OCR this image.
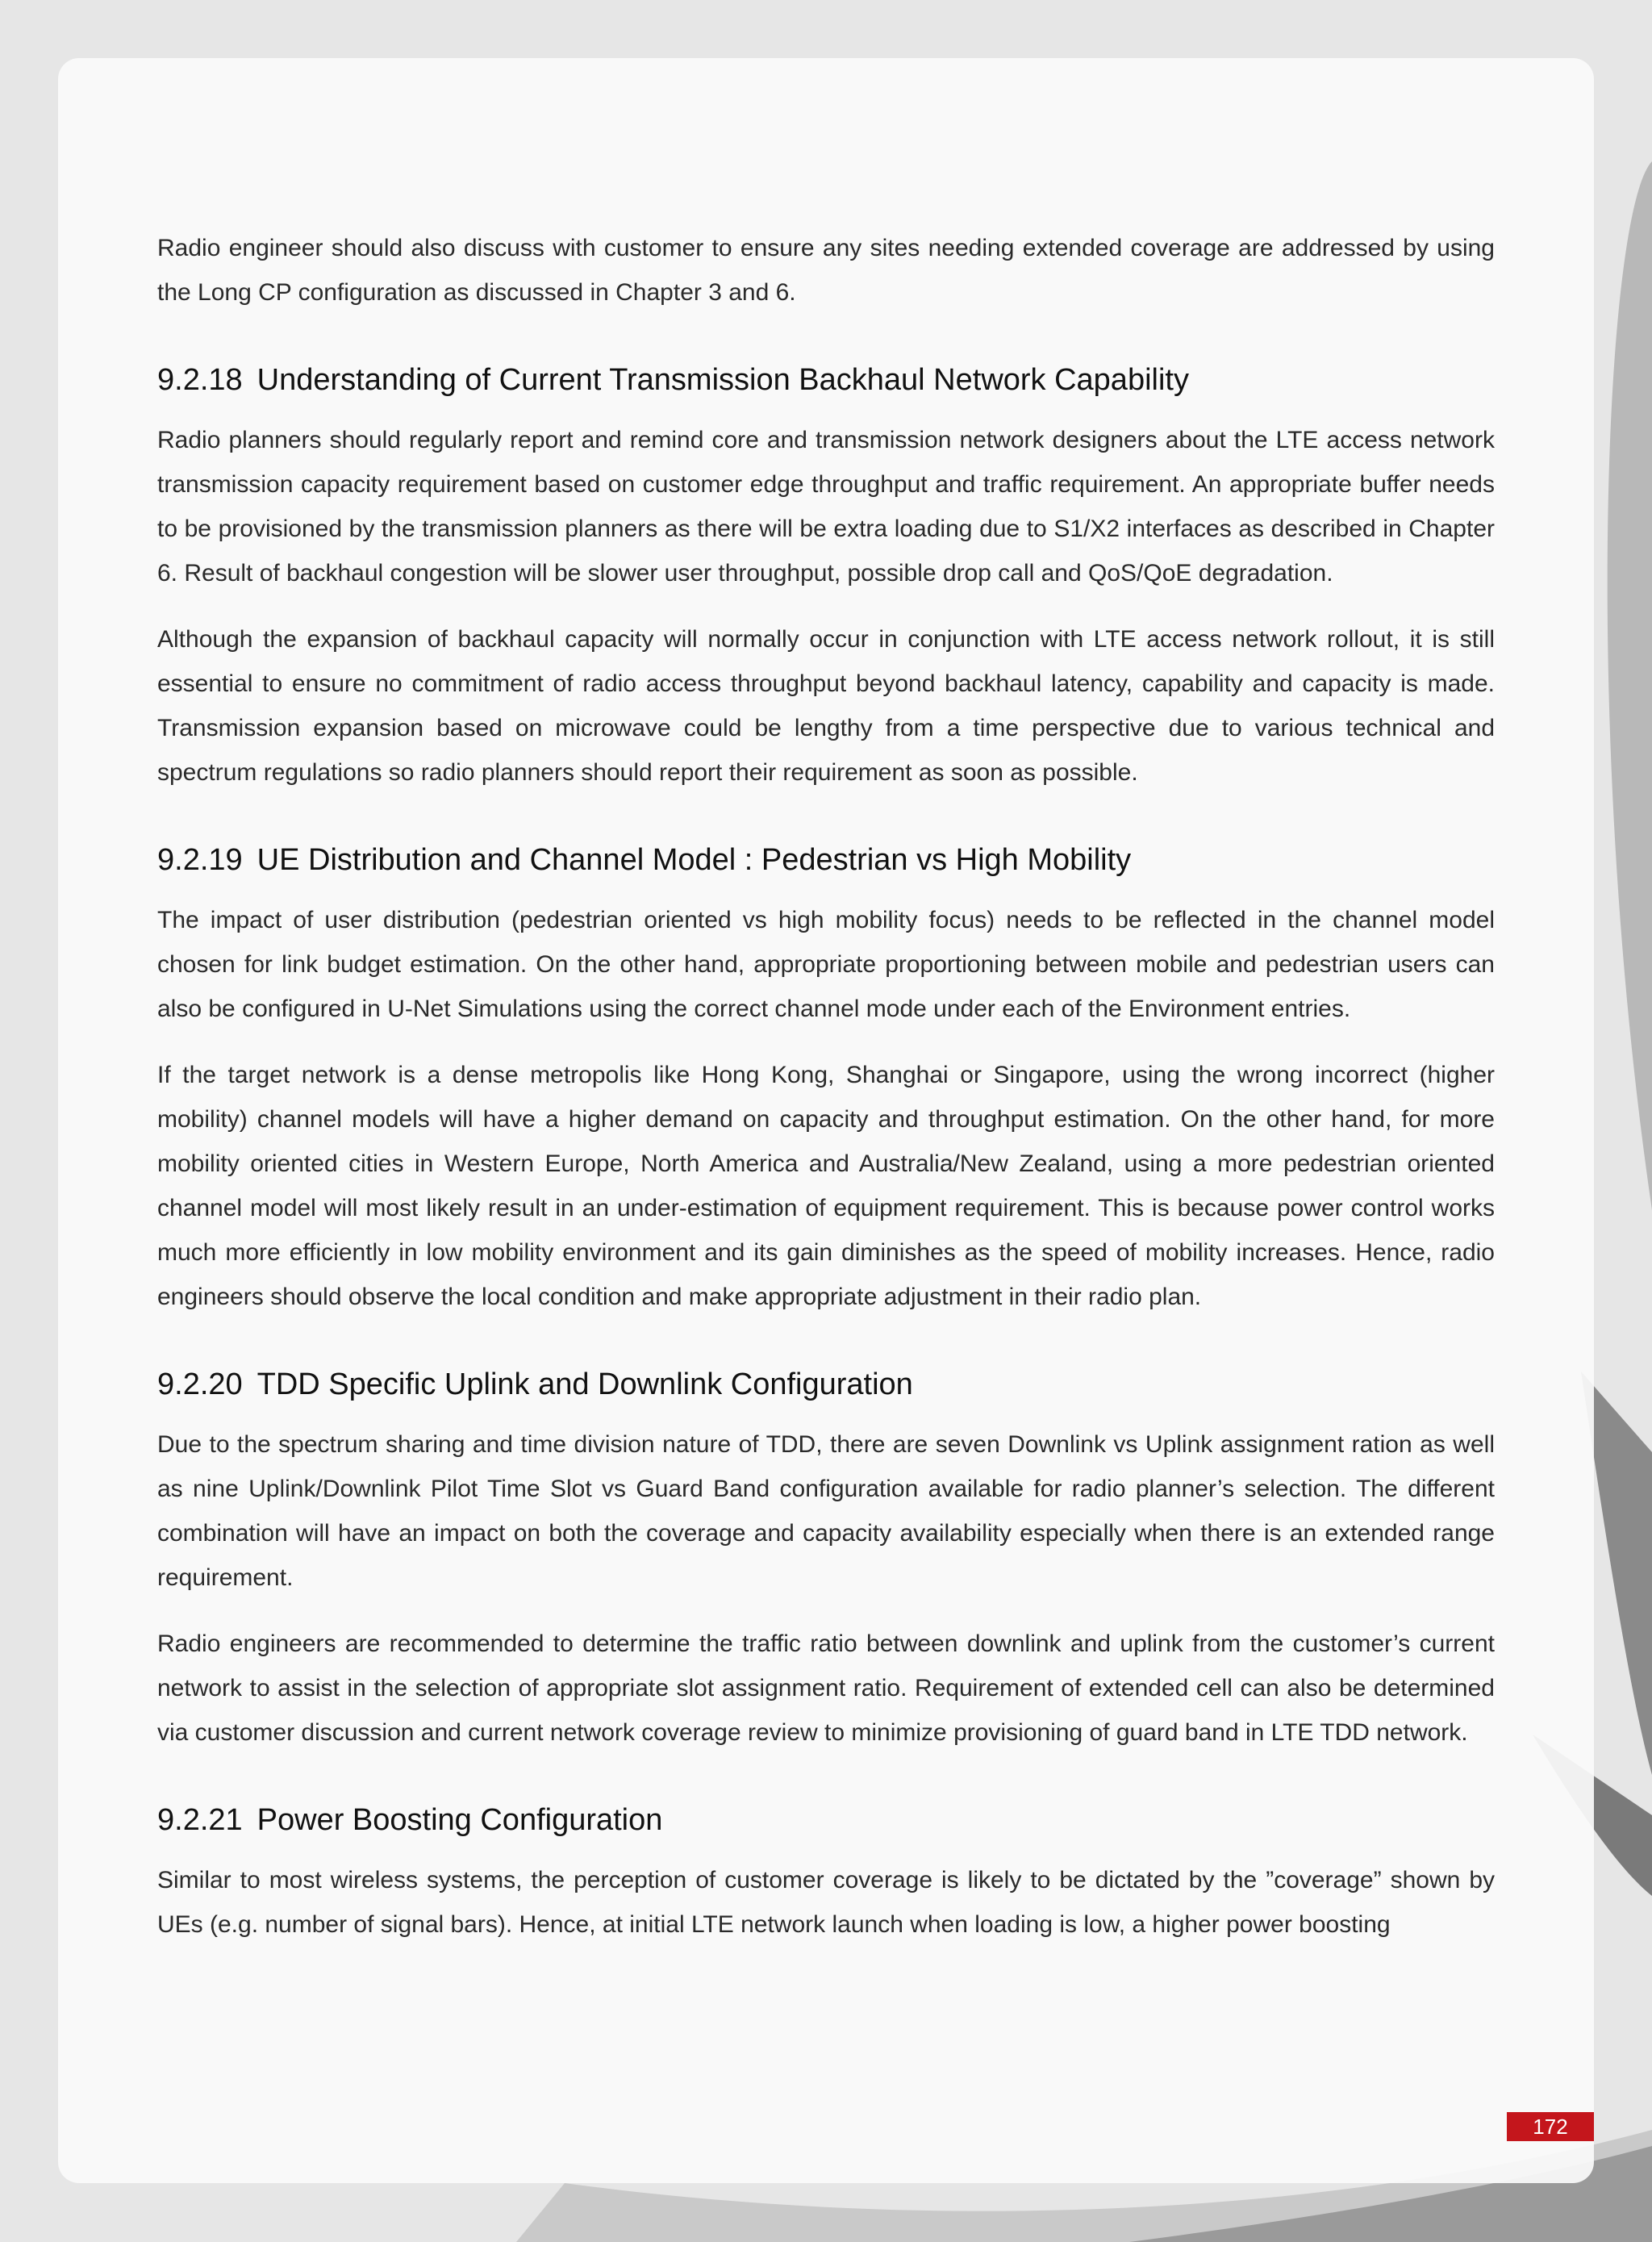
Radio engineer should also discuss with customer to ensure any sites needing extended coverage are addressed by using the Long CP configuration as discussed in Chapter 3 and 6.

9.2.18 Understanding of Current Transmission Backhaul Network Capability

Radio planners should regularly report and remind core and transmission network designers about the LTE access network transmission capacity requirement based on customer edge throughput and traffic requirement. An appropriate buffer needs to be provisioned by the transmission planners as there will be extra loading due to S1/X2 interfaces as described in Chapter 6. Result of backhaul congestion will be slower user throughput, possible drop call and QoS/QoE degradation.

Although the expansion of backhaul capacity will normally occur in conjunction with LTE access network rollout, it is still essential to ensure no commitment of radio access throughput beyond backhaul latency, capability and capacity is made. Transmission expansion based on microwave could be lengthy from a time perspective due to various technical and spectrum regulations so radio planners should report their requirement as soon as possible.

9.2.19 UE Distribution and Channel Model : Pedestrian vs High Mobility

The impact of user distribution (pedestrian oriented vs high mobility focus) needs to be reflected in the channel model chosen for link budget estimation. On the other hand, appropriate proportioning between mobile and pedestrian users can also be configured in U-Net Simulations using the correct channel mode under each of the Environment entries.

If the target network is a dense metropolis like Hong Kong, Shanghai or Singapore, using the wrong incorrect (higher mobility) channel models will have a higher demand on capacity and throughput estimation. On the other hand, for more mobility oriented cities in Western Europe, North America and Australia/New Zealand, using a more pedestrian oriented channel model will most likely result in an under-estimation of equipment requirement. This is because power control works much more efficiently in low mobility environment and its gain diminishes as the speed of mobility increases. Hence, radio engineers should observe the local condition and make appropriate adjustment in their radio plan.

9.2.20 TDD Specific Uplink and Downlink Configuration

Due to the spectrum sharing and time division nature of TDD, there are seven Downlink vs Uplink assignment ration as well as nine Uplink/Downlink Pilot Time Slot vs Guard Band configuration available for radio planner’s selection. The different combination will have an impact on both the coverage and capacity availability especially when there is an extended range requirement.

Radio engineers are recommended to determine the traffic ratio between downlink and uplink from the customer’s current network to assist in the selection of appropriate slot assignment ratio. Requirement of extended cell can also be determined via customer discussion and current network coverage review to minimize provisioning of guard band in LTE TDD network.

9.2.21 Power Boosting Configuration

Similar to most wireless systems, the perception of customer coverage is likely to be dictated by the ”coverage” shown by UEs (e.g. number of signal bars). Hence, at initial LTE network launch when loading is low, a higher power boosting

172
